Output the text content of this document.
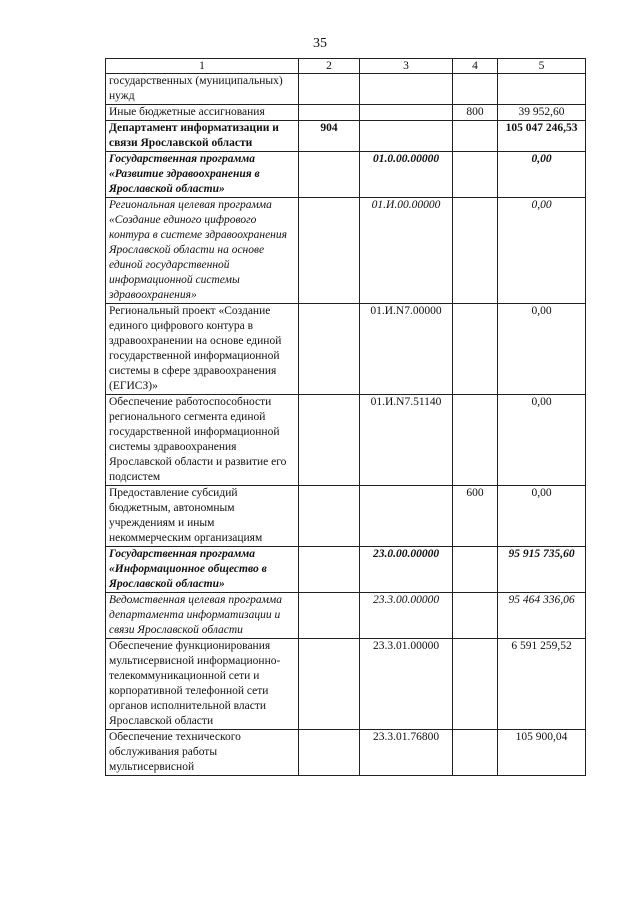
35
1	2	3	4	5
государственных (муниципальных) нужд				
Иные бюджетные ассигнования			800	39 952,60
Департамент информатизации и связи Ярославской области	904			105 047 246,53
Государственная программа «Развитие здравоохранения в Ярославской области»		01.0.00.00000		0,00
Региональная целевая программа «Создание единого цифрового контура в системе здравоохранения Ярославской области на основе единой государственной информационной системы здравоохранения»		01.И.00.00000		0,00
Региональный проект «Создание единого цифрового контура в здравоохранении на основе единой государственной информационной системы в сфере здравоохранения (ЕГИСЗ)»		01.И.N7.00000		0,00
Обеспечение работоспособности регионального сегмента единой государственной информационной системы здравоохранения Ярославской области и развитие его подсистем		01.И.N7.51140		0,00
Предоставление субсидий бюджетным, автономным учреждениям и иным некоммерческим организациям			600	0,00
Государственная программа «Информационное общество в Ярославской области»		23.0.00.00000		95 915 735,60
Ведомственная целевая программа департамента информатизации и связи Ярославской области		23.3.00.00000		95 464 336,06
Обеспечение функционирования мультисервисной информационно-телекоммуникационной сети и корпоративной телефонной сети органов исполнительной власти Ярославской области		23.3.01.00000		6 591 259,52
Обеспечение технического обслуживания работы мультисервисной		23.3.01.76800		105 900,04
